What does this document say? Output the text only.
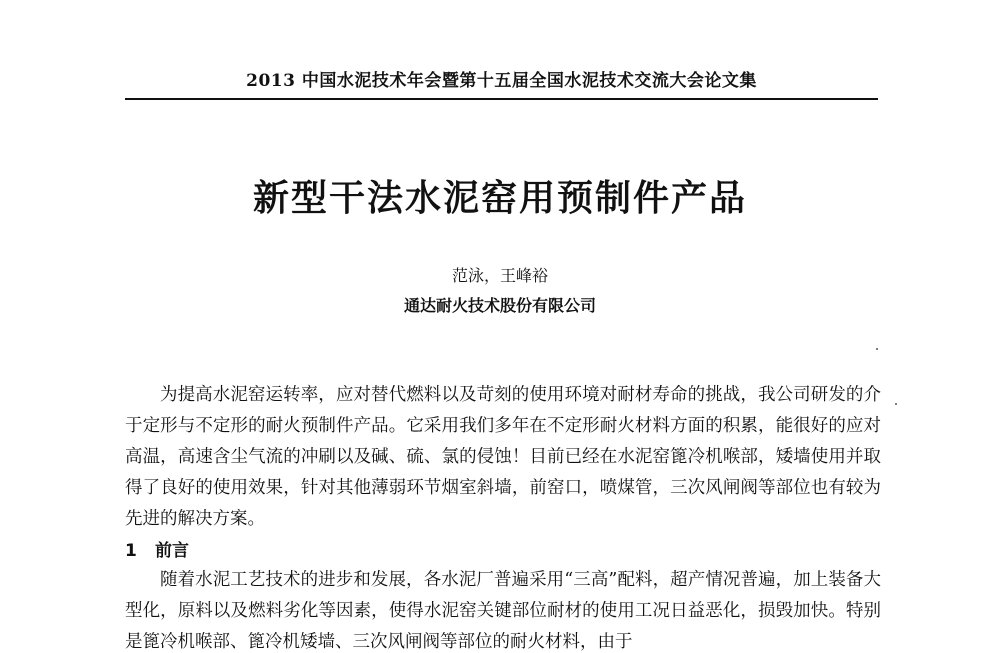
2013 中国水泥技术年会暨第十五届全国水泥技术交流大会论文集
新型干法水泥窑用预制件产品
范泳，王峰裕
通达耐火技术股份有限公司

为提高水泥窑运转率，应对替代燃料以及苛刻的使用环境对耐材寿命的挑战，我公司研发的介于定形与不定形的耐火预制件产品。它采用我们多年在不定形耐火材料方面的积累，能很好的应对高温，高速含尘气流的冲刷以及碱、硫、氯的侵蚀！目前已经在水泥窑篦冷机喉部，矮墙使用并取得了良好的使用效果，针对其他薄弱环节烟室斜墙，前窑口，喷煤管，三次风闸阀等部位也有较为先进的解决方案。

1 前言

随着水泥工艺技术的进步和发展，各水泥厂普遍采用“三高”配料，超产情况普遍，加上装备大型化，原料以及燃料劣化等因素，使得水泥窑关键部位耐材的使用工况日益恶化，损毁加快。特别是篦冷机喉部、篦冷机矮墙、三次风闸阀等部位的耐火材料，由于
